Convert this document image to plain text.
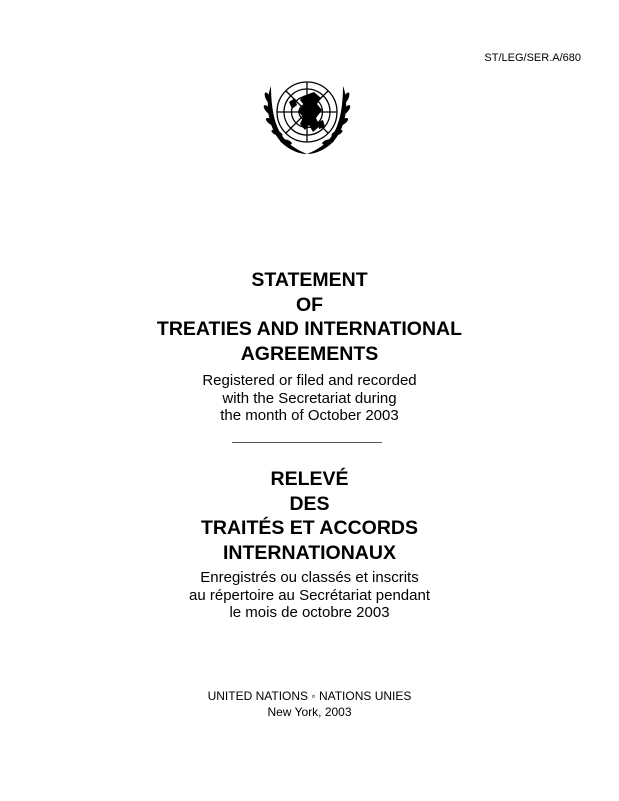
ST/LEG/SER.A/680
STATEMENT
OF
TREATIES AND INTERNATIONAL
AGREEMENTS
Registered or filed and recorded
with the Secretariat during
the month of October 2003
RELEVÉ
DES
TRAITÉS ET ACCORDS
INTERNATIONAUX
Enregistrés ou classés et inscrits
au répertoire au Secrétariat pendant
le mois de octobre 2003
UNITED NATIONS ◦ NATIONS UNIES
New York, 2003
